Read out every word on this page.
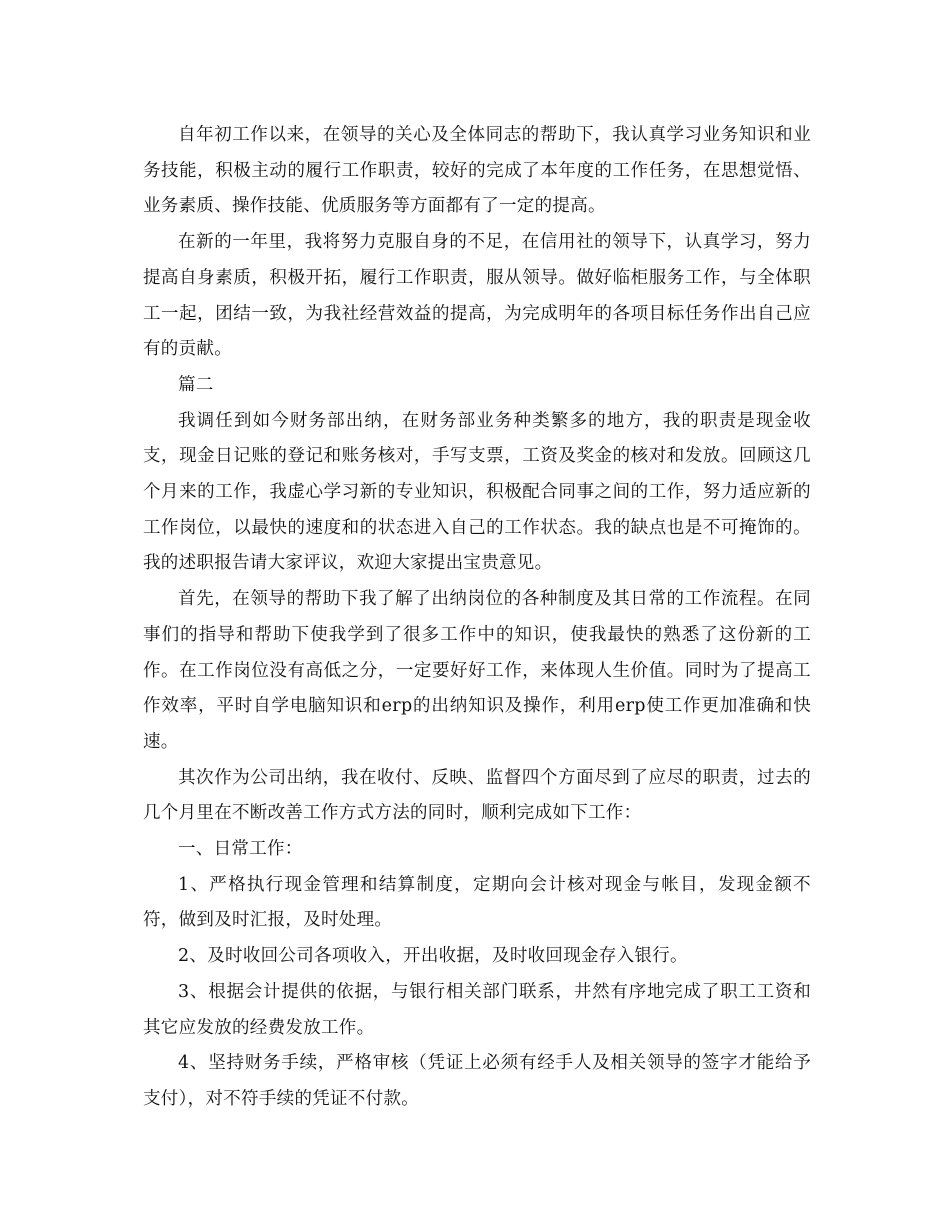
自年初工作以来，在领导的关心及全体同志的帮助下，我认真学习业务知识和业务技能，积极主动的履行工作职责，较好的完成了本年度的工作任务，在思想觉悟、业务素质、操作技能、优质服务等方面都有了一定的提高。

在新的一年里，我将努力克服自身的不足，在信用社的领导下，认真学习，努力提高自身素质，积极开拓，履行工作职责，服从领导。做好临柜服务工作，与全体职工一起，团结一致，为我社经营效益的提高，为完成明年的各项目标任务作出自己应有的贡献。

篇二

我调任到如今财务部出纳，在财务部业务种类繁多的地方，我的职责是现金收支，现金日记账的登记和账务核对，手写支票，工资及奖金的核对和发放。回顾这几个月来的工作，我虚心学习新的专业知识，积极配合同事之间的工作，努力适应新的工作岗位，以最快的速度和的状态进入自己的工作状态。我的缺点也是不可掩饰的。我的述职报告请大家评议，欢迎大家提出宝贵意见。

首先，在领导的帮助下我了解了出纳岗位的各种制度及其日常的工作流程。在同事们的指导和帮助下使我学到了很多工作中的知识，使我最快的熟悉了这份新的工作。在工作岗位没有高低之分，一定要好好工作，来体现人生价值。同时为了提高工作效率，平时自学电脑知识和erp的出纳知识及操作，利用erp使工作更加准确和快速。

其次作为公司出纳，我在收付、反映、监督四个方面尽到了应尽的职责，过去的几个月里在不断改善工作方式方法的同时，顺利完成如下工作：

一、日常工作：

1、严格执行现金管理和结算制度，定期向会计核对现金与帐目，发现金额不符，做到及时汇报，及时处理。

2、及时收回公司各项收入，开出收据，及时收回现金存入银行。

3、根据会计提供的依据，与银行相关部门联系，井然有序地完成了职工工资和其它应发放的经费发放工作。

4、坚持财务手续，严格审核（凭证上必须有经手人及相关领导的签字才能给予支付），对不符手续的凭证不付款。
